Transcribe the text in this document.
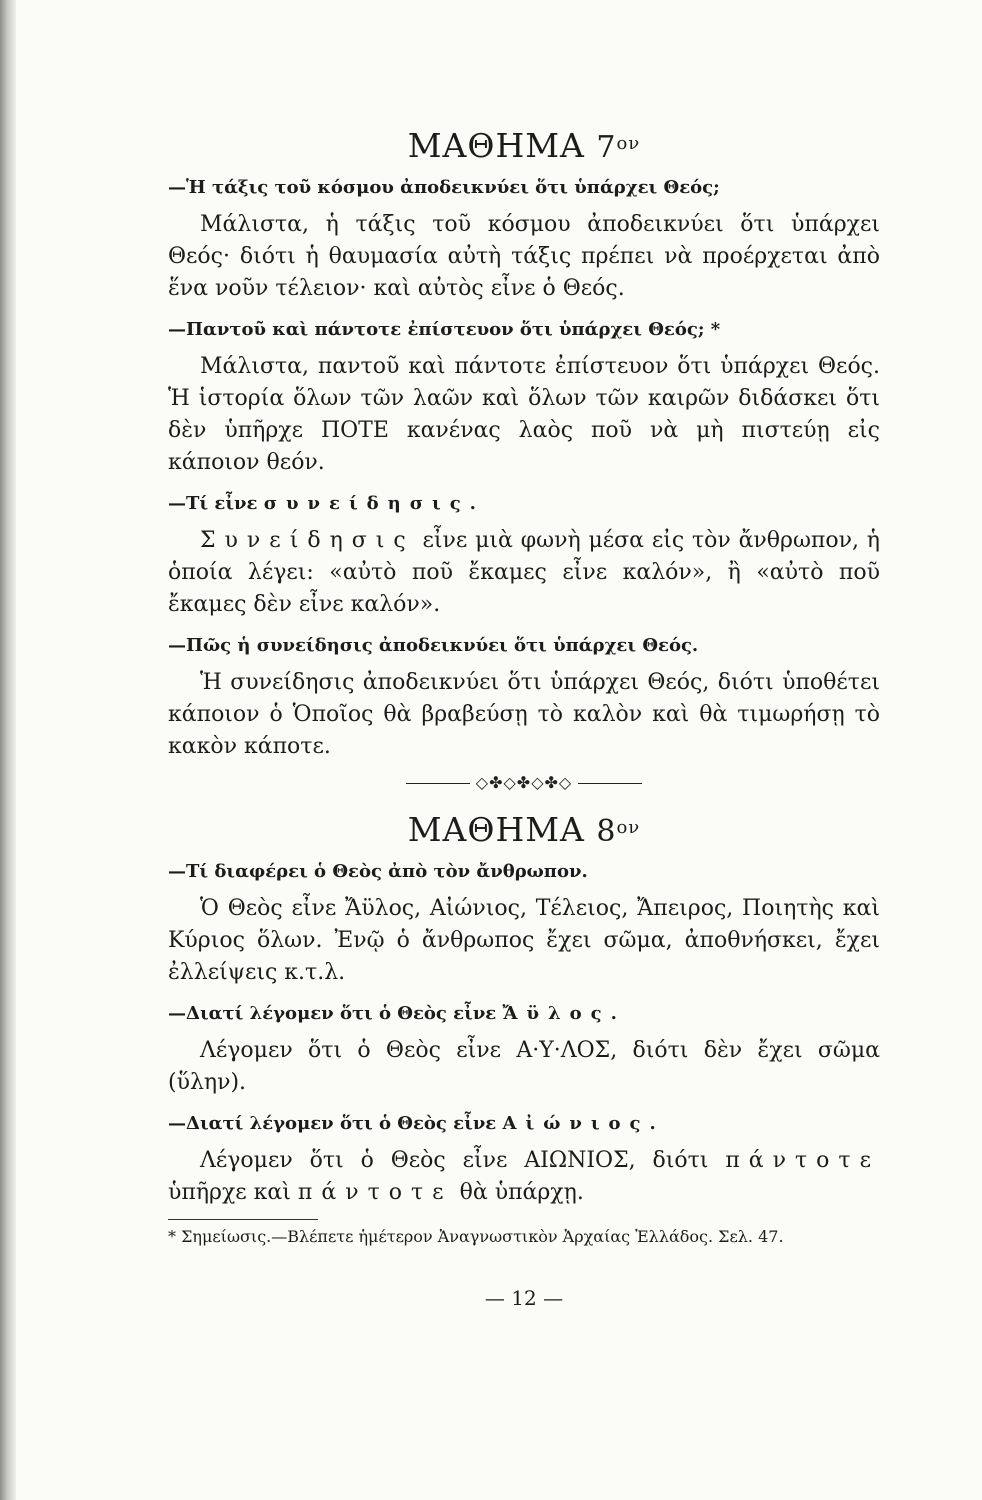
ΜΑΘΗΜΑ $7^{o\nu}$

—Ἡ τάξις τοῦ κόσμου ἀποδεικνύει ὅτι ὑπάρχει Θεός;

Μάλιστα, ἡ τάξις τοῦ κόσμου ἀποδεικνύει ὅτι ὑπάρχει Θεός· διότι ἡ θαυμασία αὐτὴ τάξις πρέπει νὰ προέρχεται ἀπὸ ἕνα νοῦν τέλειον· καὶ αὐτὸς εἶνε ὁ Θεός.

—Παντοῦ καὶ πάντοτε ἐπίστευον ὅτι ὑπάρχει Θεός; *

Μάλιστα, παντοῦ καὶ πάντοτε ἐπίστευον ὅτι ὑπάρχει Θεός. Ἡ ἱστορία ὅλων τῶν λαῶν καὶ ὅλων τῶν καιρῶν διδάσκει ὅτι δὲν ὑπῆρχε ΠΟΤΕ κανένας λαὸς ποῦ νὰ μὴ πιστεύῃ εἰς κάποιον θεόν.

—Τί εἶνε συνείδησις.

Συνείδησις εἶνε μιὰ φωνὴ μέσα εἰς τὸν ἄνθρωπον, ἡ ὁποία λέγει: «αὐτὸ ποῦ ἔκαμες εἶνε καλόν», ἢ «αὐτὸ ποῦ ἔκαμες δὲν εἶνε καλόν».

—Πῶς ἡ συνείδησις ἀποδεικνύει ὅτι ὑπάρχει Θεός.

Ἡ συνείδησις ἀποδεικνύει ὅτι ὑπάρχει Θεός, διότι ὑποθέτει κάποιον ὁ Ὁποῖος θὰ βραβεύσῃ τὸ καλὸν καὶ θὰ τιμωρήσῃ τὸ κακὸν κάποτε.

◇✤◇✤◇✤◇
ΜΑΘΗΜΑ $8^{o\nu}$

—Τί διαφέρει ὁ Θεὸς ἀπὸ τὸν ἄνθρωπον.

Ὁ Θεὸς εἶνε Ἄϋλος, Αἰώνιος, Τέλειος, Ἄπειρος, Ποιητὴς καὶ Κύριος ὅλων. Ἐνῷ ὁ ἄνθρωπος ἔχει σῶμα, ἀποθνήσκει, ἔχει ἐλλείψεις κ.τ.λ.

—Διατί λέγομεν ὅτι ὁ Θεὸς εἶνε Ἄϋλος.

Λέγομεν ὅτι ὁ Θεὸς εἶνε Α·Υ·ΛΟΣ, διότι δὲν ἔχει σῶμα (ὕλην).

—Διατί λέγομεν ὅτι ὁ Θεὸς εἶνε Αἰώνιος.

Λέγομεν ὅτι ὁ Θεὸς εἶνε ΑΙΩΝΙΟΣ, διότι πάντοτε ὑπῆρχε καὶ πάντοτε θὰ ὑπάρχῃ.

* Σημείωσις.—Βλέπετε ἡμέτερον Ἀναγνωστικὸν Ἀρχαίας Ἑλλάδος. Σελ. 47.

— 12 —
